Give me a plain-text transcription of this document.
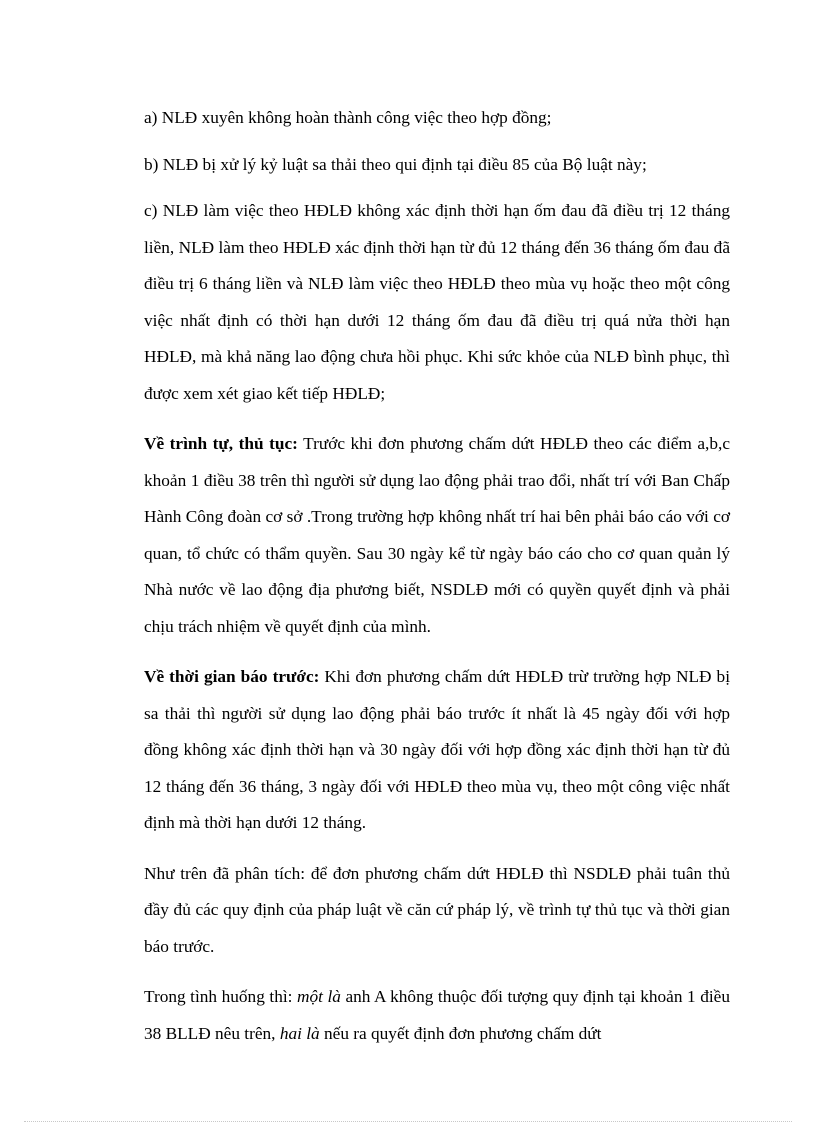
a) NLĐ xuyên không hoàn thành công việc theo hợp đồng;

b) NLĐ bị xử lý kỷ luật sa thải theo qui định tại điều 85 của Bộ luật này;

c) NLĐ làm việc theo HĐLĐ không xác định thời hạn ốm đau đã điều trị 12 tháng liền, NLĐ làm theo HĐLĐ xác định thời hạn từ đủ 12 tháng đến 36 tháng ốm đau đã điều trị 6 tháng liền và NLĐ làm việc theo HĐLĐ theo mùa vụ hoặc theo một công việc nhất định có thời hạn dưới 12 tháng ốm đau đã điều trị quá nửa thời hạn HĐLĐ, mà khả năng lao động chưa hồi phục. Khi sức khỏe của NLĐ bình phục, thì được xem xét giao kết tiếp HĐLĐ;

Về trình tự, thủ tục: Trước khi đơn phương chấm dứt HĐLĐ theo các điểm a,b,c khoản 1 điều 38 trên thì người sử dụng lao động phải trao đổi, nhất trí với Ban Chấp Hành Công đoàn cơ sở .Trong trường hợp không nhất trí hai bên phải báo cáo với cơ quan, tổ chức có thẩm quyền. Sau 30 ngày kể từ ngày báo cáo cho cơ quan quản lý Nhà nước về lao động địa phương biết, NSDLĐ mới có quyền quyết định và phải chịu trách nhiệm về quyết định của mình.

Về thời gian báo trước: Khi đơn phương chấm dứt HĐLĐ trừ trường hợp NLĐ bị sa thải thì người sử dụng lao động phải báo trước ít nhất là 45 ngày đối với hợp đồng không xác định thời hạn và 30 ngày đối với hợp đồng xác định thời hạn từ đủ 12 tháng đến 36 tháng, 3 ngày đối với HĐLĐ theo mùa vụ, theo một công việc nhất định mà thời hạn dưới 12 tháng.

Như trên đã phân tích: để đơn phương chấm dứt HĐLĐ thì NSDLĐ phải tuân thủ đầy đủ các quy định của pháp luật về căn cứ pháp lý, về trình tự thủ tục và thời gian báo trước.

Trong tình huống thì: một là anh A không thuộc đối tượng quy định tại khoản 1 điều 38 BLLĐ nêu trên, hai là nếu ra quyết định đơn phương chấm dứt
